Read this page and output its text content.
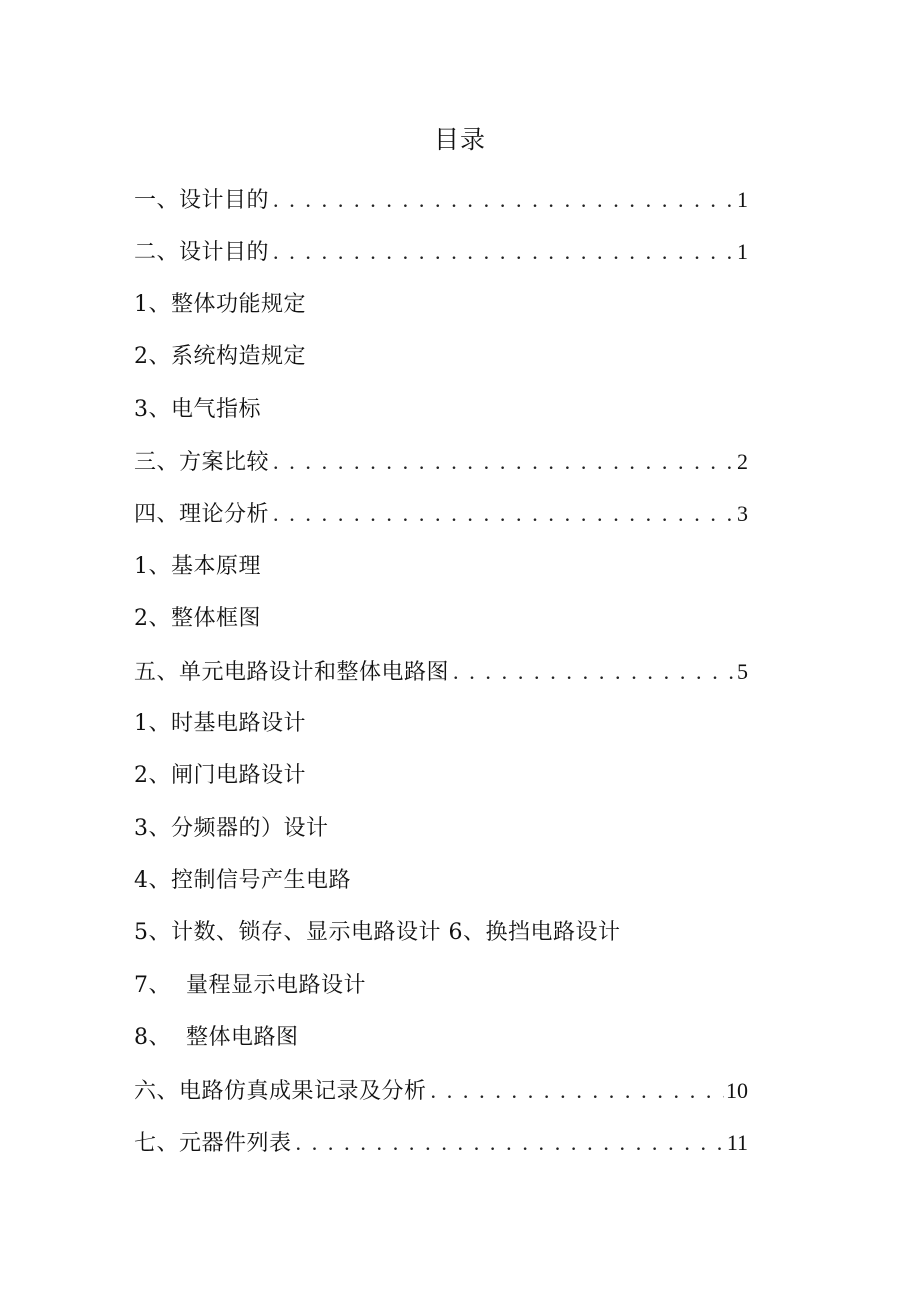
目录
一、设计目的 . . .	1
二、设计目的 . . .	1
1、整体功能规定
2、系统构造规定
3、电气指标
三、方案比较 . . .	2
四、理论分析 . . .	3
1、基本原理
2、整体框图
五、单元电路设计和整体电路图 . . .	5
1、时基电路设计
2、闸门电路设计
3、分频器的）设计
4、控制信号产生电路
5、计数、锁存、显示电路设计 6、换挡电路设计
7、  量程显示电路设计
8、  整体电路图
六、电路仿真成果记录及分析 . . .	10
七、元器件列表 . . .	11
